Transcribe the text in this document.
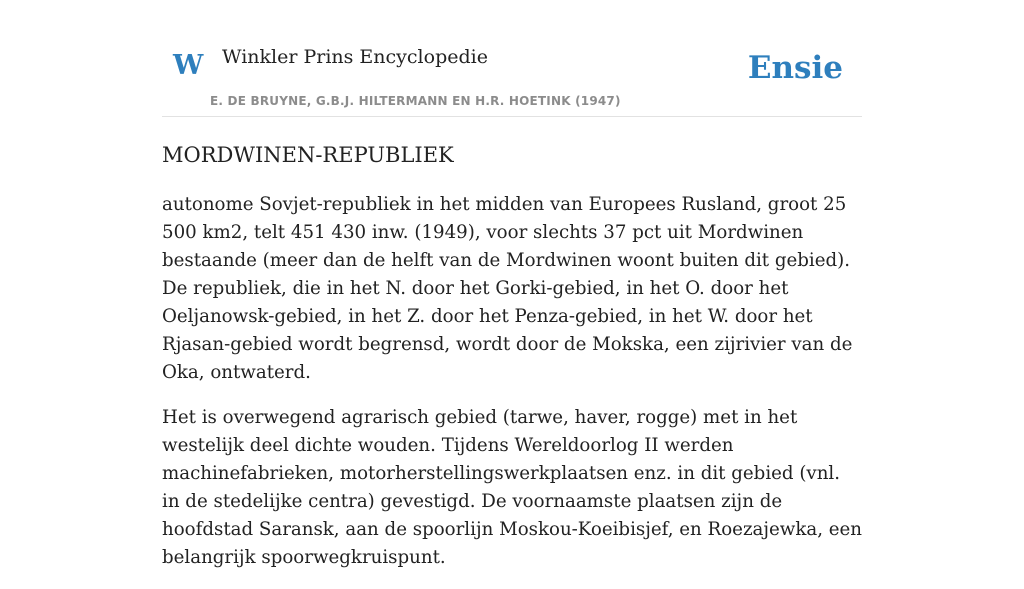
W Winkler Prins Encyclopedie
E. DE BRUYNE, G.B.J. HILTERMANN EN H.R. HOETINK (1947)
Ensie
MORDWINEN-REPUBLIEK

autonome Sovjet-republiek in het midden van Europees Rusland, groot 25 500 km2, telt 451 430 inw. (1949), voor slechts 37 pct uit Mordwinen bestaande (meer dan de helft van de Mordwinen woont buiten dit gebied). De republiek, die in het N. door het Gorki-gebied, in het O. door het Oeljanowsk-gebied, in het Z. door het Penza-gebied, in het W. door het Rjasan-gebied wordt begrensd, wordt door de Mokska, een zijrivier van de Oka, ontwaterd.

Het is overwegend agrarisch gebied (tarwe, haver, rogge) met in het westelijk deel dichte wouden. Tijdens Wereldoorlog II werden machinefabrieken, motorherstellingswerkplaatsen enz. in dit gebied (vnl. in de stedelijke centra) gevestigd. De voornaamste plaatsen zijn de hoofdstad Saransk, aan de spoorlijn Moskou-Koeibisjef, en Roezajewka, een belangrijk spoorwegkruispunt.
